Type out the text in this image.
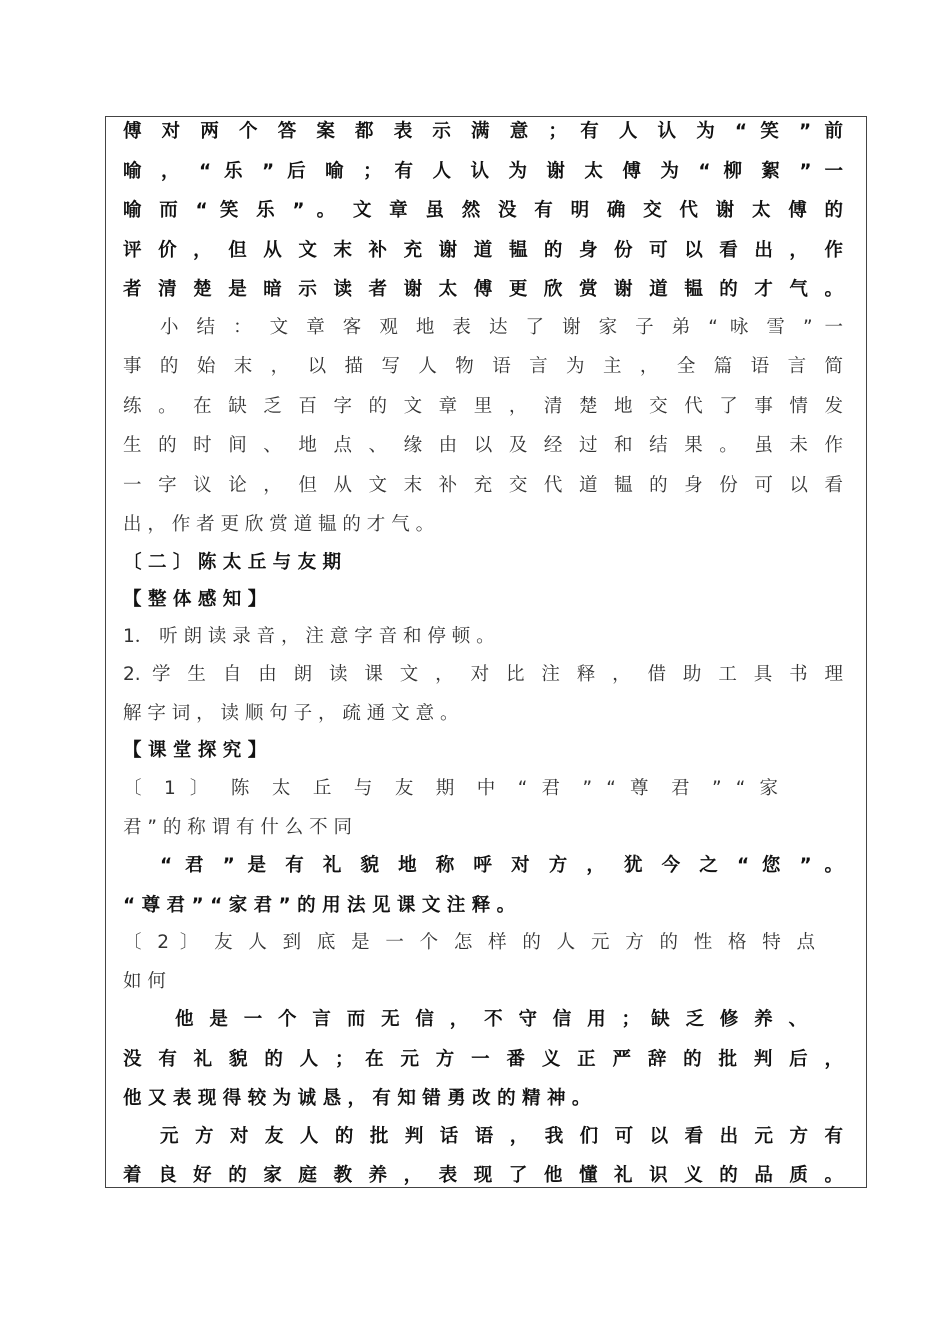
傅 对 两 个 答 案 都 表 示 满 意 ； 有 人 认 为 “ 笑 ” 前
喻 ， “ 乐 ” 后 喻 ； 有 人 认 为 谢 太 傅 为 “ 柳 絮 ” 一
喻 而 “ 笑 乐 ” 。 文 章 虽 然 没 有 明 确 交 代 谢 太 傅 的
评 价 ， 但 从 文 末 补 充 谢 道 韫 的 身 份 可 以 看 出 ， 作
者 清 楚 是 暗 示 读 者 谢 太 傅 更 欣 赏 谢 道 韫 的 才 气 。
小 结 ： 文 章 客 观 地 表 达 了 谢 家 子 弟 “ 咏 雪 ” 一
事 的 始 末 ， 以 描 写 人 物 语 言 为 主 ， 全 篇 语 言 简
练 。 在 缺 乏 百 字 的 文 章 里 ， 清 楚 地 交 代 了 事 情 发
生 的 时 间 、 地 点 、 缘 由 以 及 经 过 和 结 果 。 虽 未 作
一 字 议 论 ， 但 从 文 末 补 充 交 代 道 韫 的 身 份 可 以 看
出 ， 作 者 更 欣 赏 道 韫 的 才 气 。
〔 二 〕 陈 太 丘 与 友 期
【 整 体 感 知 】
1． 听 朗 读 录 音 ， 注 意 字 音 和 停 顿 。
2. 学 生 自 由 朗 读 课 文 ， 对 比 注 释 ， 借 助 工 具 书 理
解 字 词 ， 读 顺 句 子 ， 疏 通 文 意 。
【 课 堂 探 究 】
〔 1 〕 陈 太 丘 与 友 期 中 “ 君 ” “ 尊 君 ” “ 家
君 ” 的 称 谓 有 什 么 不 同
“ 君 ” 是 有 礼 貌 地 称 呼 对 方 ， 犹 今 之 “ 您 ” 。
“ 尊 君 ” “ 家 君 ” 的 用 法 见 课 文 注 释 。
〔 2 〕 友 人 到 底 是 一 个 怎 样 的 人 元 方 的 性 格 特 点
如 何
他 是 一 个 言 而 无 信 ， 不 守 信 用 ； 缺 乏 修 养 、
没 有 礼 貌 的 人 ； 在 元 方 一 番 义 正 严 辞 的 批 判 后 ，
他 又 表 现 得 较 为 诚 恳 ， 有 知 错 勇 改 的 精 神 。
元 方 对 友 人 的 批 判 话 语 ， 我 们 可 以 看 出 元 方 有
着 良 好 的 家 庭 教 养 ， 表 现 了 他 懂 礼 识 义 的 品 质 。
